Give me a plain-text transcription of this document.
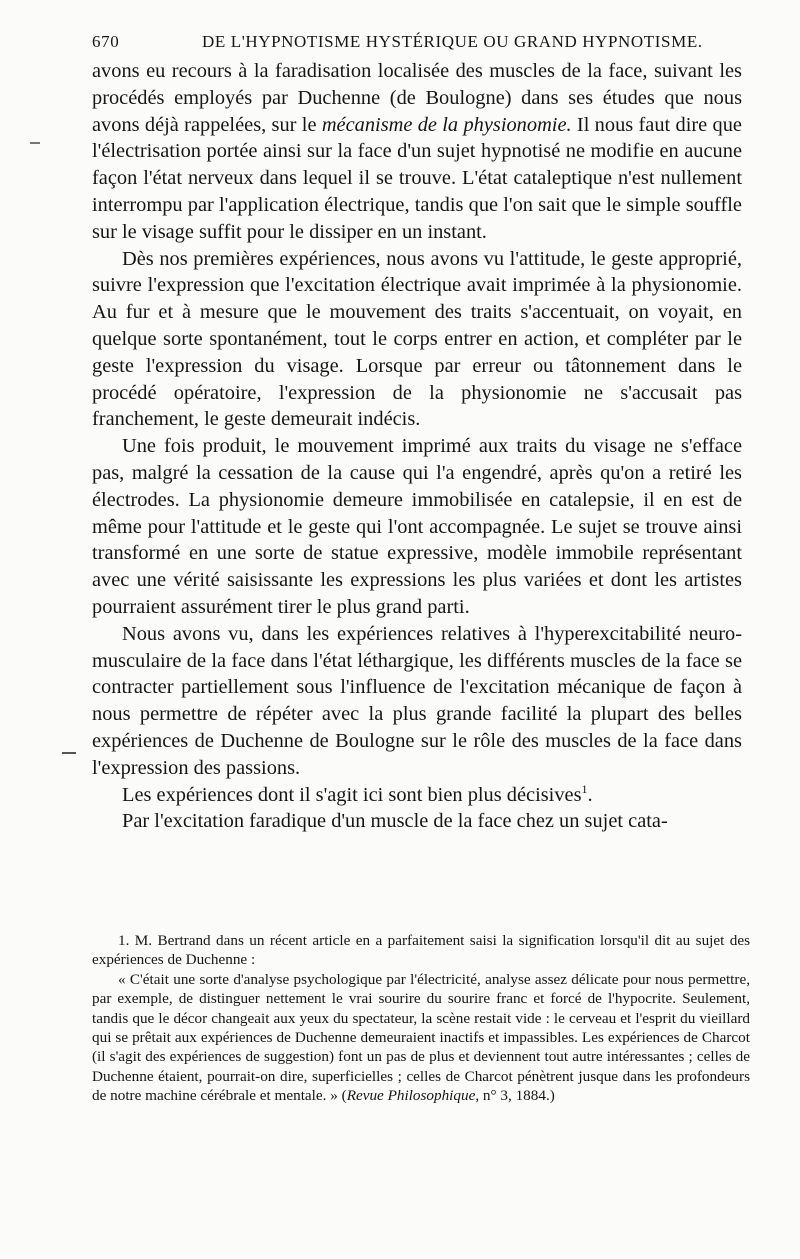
670	DE L'HYPNOTISME HYSTÉRIQUE OU GRAND HYPNOTISME.

avons eu recours à la faradisation localisée des muscles de la face, suivant les procédés employés par Duchenne (de Boulogne) dans ses études que nous avons déjà rappelées, sur le mécanisme de la physionomie. Il nous faut dire que l'électrisation portée ainsi sur la face d'un sujet hypnotisé ne modifie en aucune façon l'état nerveux dans lequel il se trouve. L'état cataleptique n'est nullement interrompu par l'application électrique, tandis que l'on sait que le simple souffle sur le visage suffit pour le dissiper en un instant.

Dès nos premières expériences, nous avons vu l'attitude, le geste approprié, suivre l'expression que l'excitation électrique avait imprimée à la physionomie. Au fur et à mesure que le mouvement des traits s'accentuait, on voyait, en quelque sorte spontanément, tout le corps entrer en action, et compléter par le geste l'expression du visage. Lorsque par erreur ou tâtonnement dans le procédé opératoire, l'expression de la physionomie ne s'accusait pas franchement, le geste demeurait indécis.

Une fois produit, le mouvement imprimé aux traits du visage ne s'efface pas, malgré la cessation de la cause qui l'a engendré, après qu'on a retiré les électrodes. La physionomie demeure immobilisée en catalepsie, il en est de même pour l'attitude et le geste qui l'ont accompagnée. Le sujet se trouve ainsi transformé en une sorte de statue expressive, modèle immobile représentant avec une vérité saisissante les expressions les plus variées et dont les artistes pourraient assurément tirer le plus grand parti.

Nous avons vu, dans les expériences relatives à l'hyperexcitabilité neuro-musculaire de la face dans l'état léthargique, les différents muscles de la face se contracter partiellement sous l'influence de l'excitation mécanique de façon à nous permettre de répéter avec la plus grande facilité la plupart des belles expériences de Duchenne de Boulogne sur le rôle des muscles de la face dans l'expression des passions.

Les expériences dont il s'agit ici sont bien plus décisives$^1$.

Par l'excitation faradique d'un muscle de la face chez un sujet cata-

1. M. Bertrand dans un récent article en a parfaitement saisi la signification lorsqu'il dit au sujet des expériences de Duchenne :

« C'était une sorte d'analyse psychologique par l'électricité, analyse assez délicate pour nous permettre, par exemple, de distinguer nettement le vrai sourire du sourire franc et forcé de l'hypocrite. Seulement, tandis que le décor changeait aux yeux du spectateur, la scène restait vide : le cerveau et l'esprit du vieillard qui se prêtait aux expériences de Duchenne demeuraient inactifs et impassibles. Les expériences de Charcot (il s'agit des expériences de suggestion) font un pas de plus et deviennent tout autre intéressantes ; celles de Duchenne étaient, pourrait-on dire, superficielles ; celles de Charcot pénètrent jusque dans les profondeurs de notre machine cérébrale et mentale. » (Revue Philosophique, n° 3, 1884.)
